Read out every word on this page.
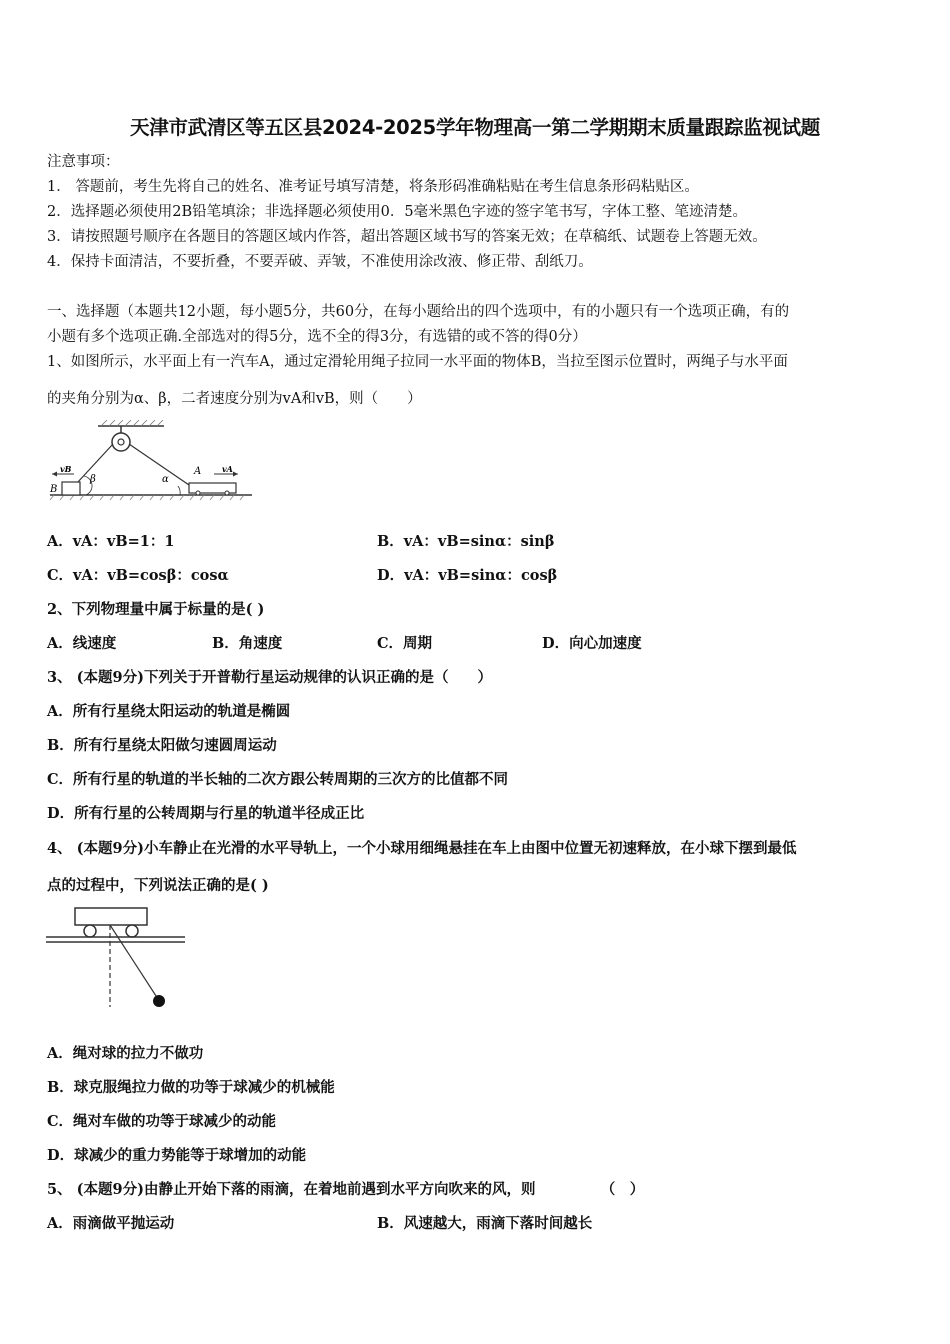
天津市武清区等五区县2024-2025学年物理高一第二学期期末质量跟踪监视试题
注意事项：
1． 答题前，考生先将自己的姓名、准考证号填写清楚，将条形码准确粘贴在考生信息条形码粘贴区。
2．选择题必须使用2B铅笔填涂；非选择题必须使用0．5毫米黑色字迹的签字笔书写，字体工整、笔迹清楚。
3．请按照题号顺序在各题目的答题区域内作答，超出答题区域书写的答案无效；在草稿纸、试题卷上答题无效。
4．保持卡面清洁，不要折叠，不要弄破、弄皱，不准使用涂改液、修正带、刮纸刀。
一、选择题（本题共12小题，每小题5分，共60分，在每小题给出的四个选项中，有的小题只有一个选项正确，有的
小题有多个选项正确.全部选对的得5分，选不全的得3分，有选错的或不答的得0分）
1、如图所示，水平面上有一汽车A，通过定滑轮用绳子拉同一水平面的物体B，当拉至图示位置时，两绳子与水平面
的夹角分别为α、β，二者速度分别为vA和vB，则（　　）
B
vB
β	α
A	vA
A．vA：vB=1：1	B．vA：vB=sinα：sinβ
C．vA：vB=cosβ：cosα	D．vA：vB=sinα：cosβ
2、下列物理量中属于标量的是( )
A．线速度	B．角速度	C．周期	D．向心加速度
3、 (本题9分)下列关于开普勒行星运动规律的认识正确的是（　　）
A．所有行星绕太阳运动的轨道是椭圆
B．所有行星绕太阳做匀速圆周运动
C．所有行星的轨道的半长轴的二次方跟公转周期的三次方的比值都不同
D．所有行星的公转周期与行星的轨道半径成正比
4、 (本题9分)小车静止在光滑的水平导轨上，一个小球用细绳悬挂在车上由图中位置无初速释放，在小球下摆到最低
点的过程中，下列说法正确的是( )
A．绳对球的拉力不做功
B．球克服绳拉力做的功等于球减少的机械能
C．绳对车做的功等于球减少的动能
D．球减少的重力势能等于球增加的动能
5、 (本题9分)由静止开始下落的雨滴，在着地前遇到水平方向吹来的风，则　　　　　（　）
A．雨滴做平抛运动	B．风速越大，雨滴下落时间越长
